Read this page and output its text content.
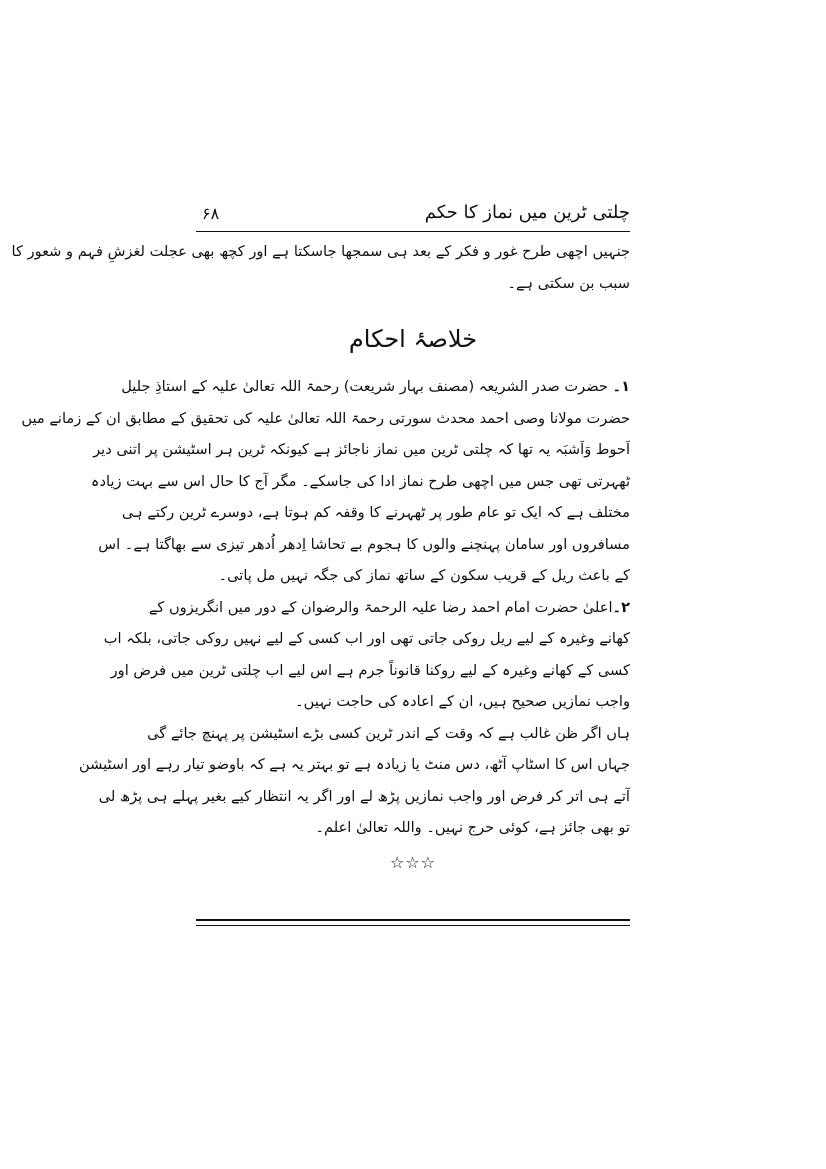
چلتی ٹرین میں نماز کا حکم
۶۸
جنہیں اچھی طرح غور و فکر کے بعد ہی سمجھا جاسکتا ہے اور کچھ بھی عجلت لغزشِ فہم و شعور کا
سبب بن سکتی ہے۔
خلاصۂ احکام
۱۔ حضرت صدر الشریعہ (مصنف بہار شریعت) رحمۃ اللہ تعالیٰ علیہ کے استاذِ جلیل
حضرت مولانا وصی احمد محدث سورتی رحمۃ اللہ تعالیٰ علیہ کی تحقیق کے مطابق ان کے زمانے میں
اَحوط وَاَشبَہ یہ تھا کہ چلتی ٹرین میں نماز ناجائز ہے کیونکہ ٹرین ہر اسٹیشن پر اتنی دیر
ٹھہرتی تھی جس میں اچھی طرح نماز ادا کی جاسکے۔ مگر آج کا حال اس سے بہت زیادہ
مختلف ہے کہ ایک تو عام طور پر ٹھہرنے کا وقفہ کم ہوتا ہے، دوسرے ٹرین رکتے ہی
مسافروں اور سامان پہنچنے والوں کا ہجوم بے تحاشا اِدھر اُدھر تیزی سے بھاگتا ہے۔ اس
کے باعث ریل کے قریب سکون کے ساتھ نماز کی جگہ نہیں مل پاتی۔
۲۔اعلیٰ حضرت امام احمد رضا علیہ الرحمۃ والرضوان کے دور میں انگریزوں کے
کھانے وغیرہ کے لیے ریل روکی جاتی تھی اور اب کسی کے لیے نہیں روکی جاتی، بلکہ اب
کسی کے کھانے وغیرہ کے لیے روکنا قانوناً جرم ہے اس لیے اب چلتی ٹرین میں فرض اور
واجب نمازیں صحیح ہیں، ان کے اعادہ کی حاجت نہیں۔
ہاں اگر ظن غالب ہے کہ وقت کے اندر ٹرین کسی بڑے اسٹیشن پر پہنچ جائے گی
جہاں اس کا اسٹاپ آٹھ، دس منٹ یا زیادہ ہے تو بہتر یہ ہے کہ باوضو تیار رہے اور اسٹیشن
آتے ہی اتر کر فرض اور واجب نمازیں پڑھ لے اور اگر یہ انتظار کیے بغیر پہلے ہی پڑھ لی
تو بھی جائز ہے، کوئی حرج نہیں۔ واللہ تعالیٰ اعلم۔
☆☆☆
